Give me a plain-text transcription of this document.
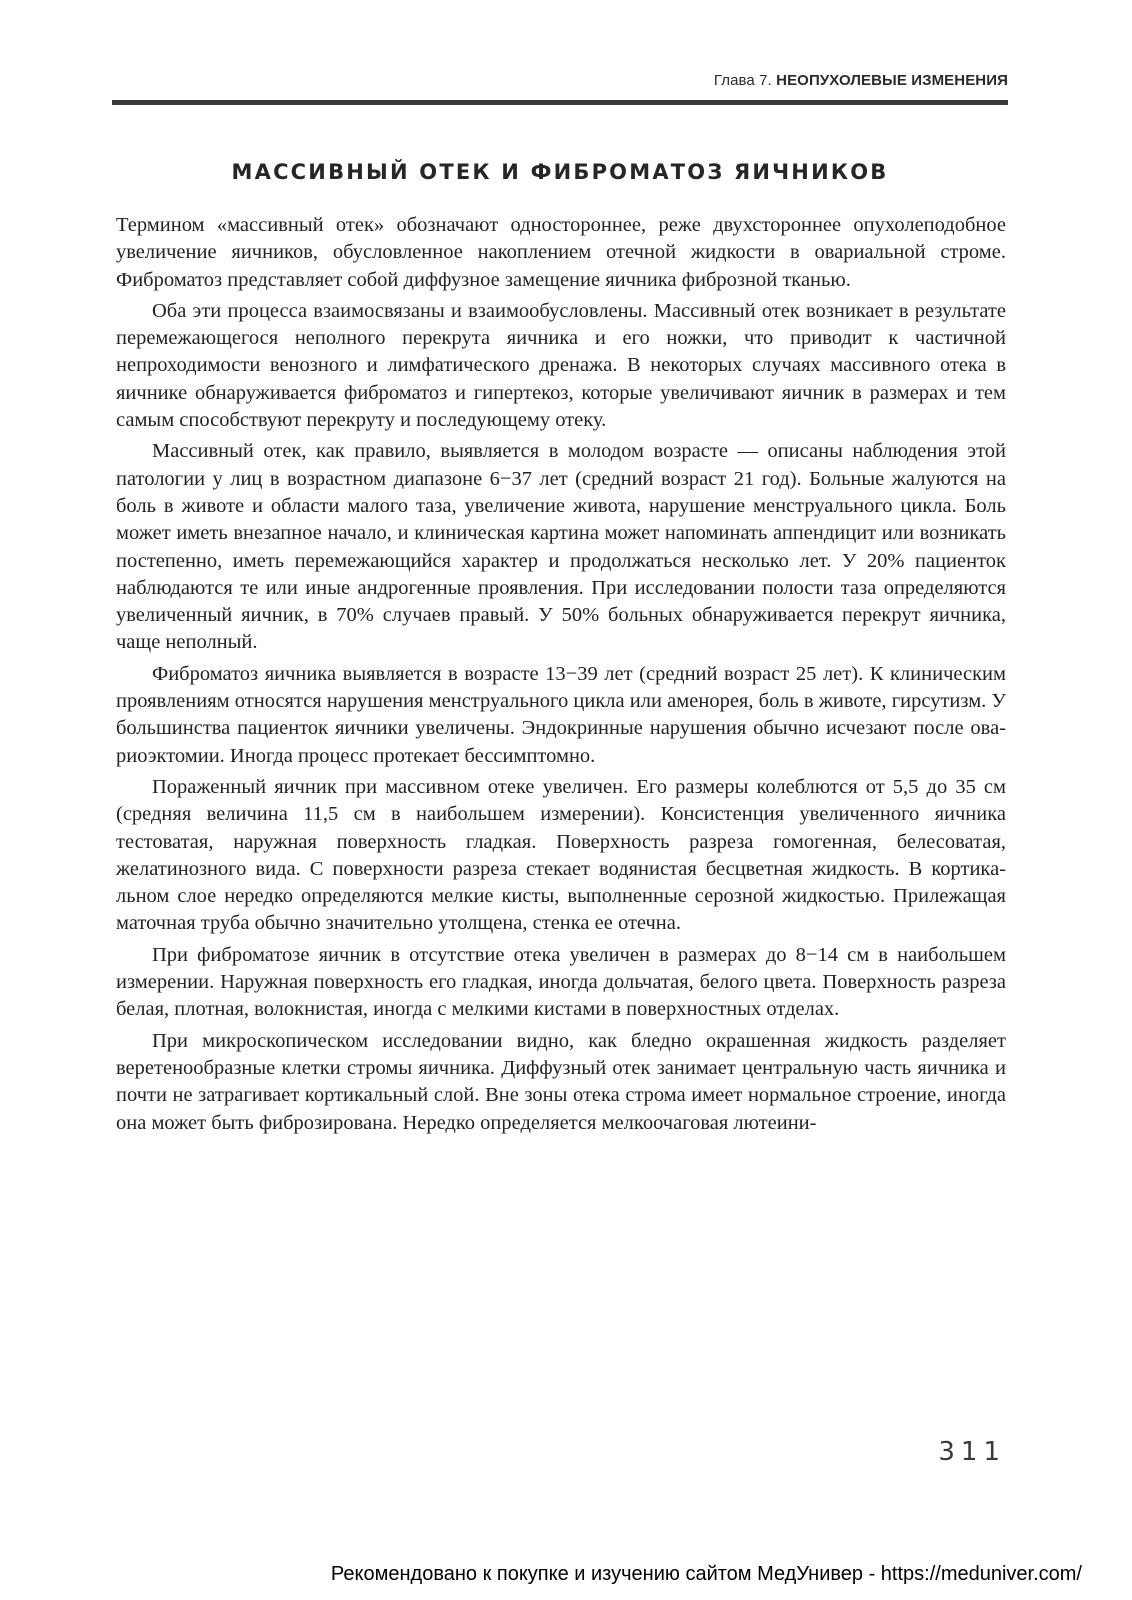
Глава 7. НЕОПУХОЛЕВЫЕ ИЗМЕНЕНИЯ
МАССИВНЫЙ ОТЕК И ФИБРОМАТОЗ ЯИЧНИКОВ

Термином «массивный отек» обозначают одностороннее, реже двухстороннее опухолеподобное увеличение яичников, обусловленное накоплением отечной жидкости в овариальной строме. Фиброматоз представляет собой диффузное замещение яичника фиброзной тканью.

Оба эти процесса взаимосвязаны и взаимообусловлены. Массивный отек возникает в результате перемежающегося неполного перекрута яичника и его ножки, что приводит к частичной непроходимости венозного и лимфатического дренажа. В некоторых случаях массивного отека в яичнике обнаруживается фиброматоз и гипертекоз, которые увеличивают яичник в размерах и тем самым способствуют перекруту и последующему отеку.

Массивный отек, как правило, выявляется в молодом возрасте — описаны наблюдения этой патологии у лиц в возрастном диапазоне 6−37 лет (средний возраст 21 год). Больные жалуются на боль в животе и области малого таза, увеличение живота, нарушение менструального цикла. Боль может иметь внезапное начало, и клиническая картина может напоминать аппендицит или возникать постепенно, иметь перемежающийся характер и продолжаться несколько лет. У 20% пациенток наблюдаются те или иные андрогенные проявления. При исследовании полости таза определяются увеличенный яичник, в 70% случаев правый. У 50% больных обнаруживается перекрут яичника, чаще неполный.

Фиброматоз яичника выявляется в возрасте 13−39 лет (средний возраст 25 лет). К клиническим проявлениям относятся нарушения менструального цикла или аменорея, боль в животе, гирсутизм. У большинства пациенток яичники увеличены. Эндокринные нарушения обычно исчезают после овариоэктомии. Иногда процесс протекает бессимптомно.

Пораженный яичник при массивном отеке увеличен. Его размеры колеблются от 5,5 до 35 см (средняя величина 11,5 см в наибольшем измерении). Консистенция увеличенного яичника тестоватая, наружная поверхность гладкая. Поверхность разреза гомогенная, белесоватая, желатинозного вида. С поверхности разреза стекает водянистая бесцветная жидкость. В кортикальном слое нередко определяются мелкие кисты, выполненные серозной жидкостью. Прилежащая маточная труба обычно значительно утолщена, стенка ее отечна.

При фиброматозе яичник в отсутствие отека увеличен в размерах до 8−14 см в наибольшем измерении. Наружная поверхность его гладкая, иногда дольчатая, белого цвета. Поверхность разреза белая, плотная, волокнистая, иногда с мелкими кистами в поверхностных отделах.

При микроскопическом исследовании видно, как бледно окрашенная жидкость разделяет веретенообразные клетки стромы яичника. Диффузный отек занимает центральную часть яичника и почти не затрагивает кортикальный слой. Вне зоны отека строма имеет нормальное строение, иногда она может быть фиброзирована. Нередко определяется мелкоочаговая лютеини-

311
Рекомендовано к покупке и изучению сайтом МедУнивер - https://meduniver.com/
